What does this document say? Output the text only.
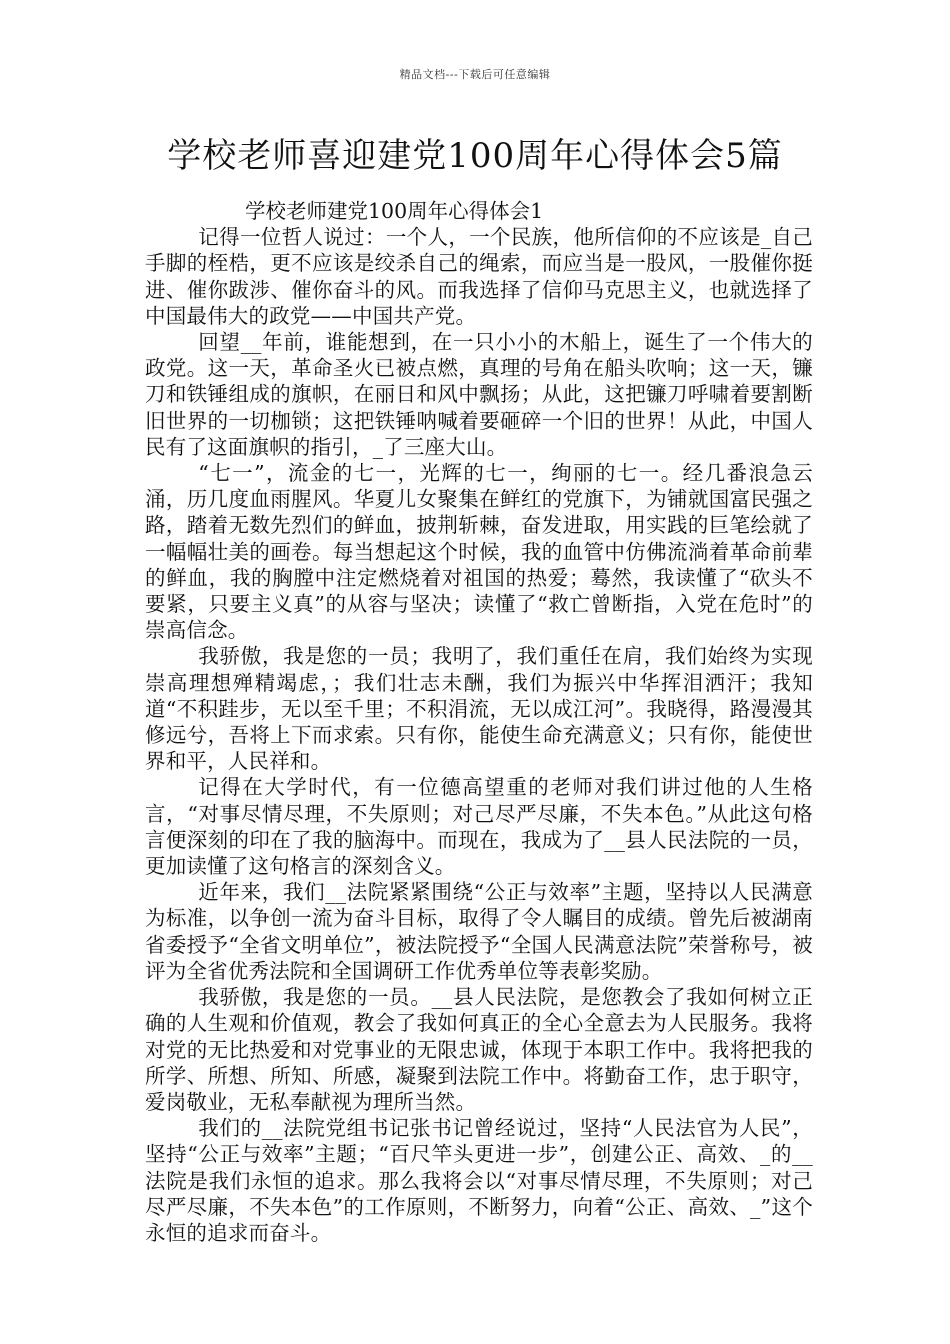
精品文档---下载后可任意编辑
学校老师喜迎建党100周年心得体会5篇
学校老师建党100周年心得体会1

记得一位哲人说过：一个人，一个民族，他所信仰的不应该是_自己手脚的桎梏，更不应该是绞杀自己的绳索，而应当是一股风，一股催你挺进、催你跋涉、催你奋斗的风。而我选择了信仰马克思主义，也就选择了中国最伟大的政党——中国共产党。

回望__年前，谁能想到，在一只小小的木船上，诞生了一个伟大的政党。这一天，革命圣火已被点燃，真理的号角在船头吹响；这一天，镰刀和铁锤组成的旗帜，在丽日和风中飘扬；从此，这把镰刀呼啸着要割断旧世界的一切枷锁；这把铁锤呐喊着要砸碎一个旧的世界！从此，中国人民有了这面旗帜的指引，_了三座大山。

“七一”，流金的七一，光辉的七一，绚丽的七一。经几番浪急云涌，历几度血雨腥风。华夏儿女聚集在鲜红的党旗下，为铺就国富民强之路，踏着无数先烈们的鲜血，披荆斩棘，奋发进取，用实践的巨笔绘就了一幅幅壮美的画卷。每当想起这个时候，我的血管中仿佛流淌着革命前辈的鲜血，我的胸膛中注定燃烧着对祖国的热爱；蓦然，我读懂了“砍头不要紧，只要主义真”的从容与坚决；读懂了“救亡曾断指，入党在危时”的崇高信念。

我骄傲，我是您的一员；我明了，我们重任在肩，我们始终为实现崇高理想殚精竭虑，；我们壮志未酬，我们为振兴中华挥泪洒汗；我知道“不积跬步，无以至千里；不积涓流，无以成江河”。我晓得，路漫漫其修远兮，吾将上下而求索。只有你，能使生命充满意义；只有你，能使世界和平，人民祥和。

记得在大学时代，有一位德高望重的老师对我们讲过他的人生格言，“对事尽情尽理，不失原则；对己尽严尽廉，不失本色。”从此这句格言便深刻的印在了我的脑海中。而现在，我成为了__县人民法院的一员，更加读懂了这句格言的深刻含义。

近年来，我们__法院紧紧围绕“公正与效率”主题，坚持以人民满意为标准，以争创一流为奋斗目标，取得了令人瞩目的成绩。曾先后被湖南省委授予“全省文明单位”，被法院授予“全国人民满意法院”荣誉称号，被评为全省优秀法院和全国调研工作优秀单位等表彰奖励。

我骄傲，我是您的一员。__县人民法院，是您教会了我如何树立正确的人生观和价值观，教会了我如何真正的全心全意去为人民服务。我将对党的无比热爱和对党事业的无限忠诚，体现于本职工作中。我将把我的所学、所想、所知、所感，凝聚到法院工作中。将勤奋工作，忠于职守，爱岗敬业，无私奉献视为理所当然。

我们的__法院党组书记张书记曾经说过，坚持“人民法官为人民”，坚持“公正与效率”主题；“百尺竿头更进一步”，创建公正、高效、_的__法院是我们永恒的追求。那么我将会以“对事尽情尽理，不失原则；对己尽严尽廉，不失本色”的工作原则，不断努力，向着“公正、高效、_”这个永恒的追求而奋斗。
